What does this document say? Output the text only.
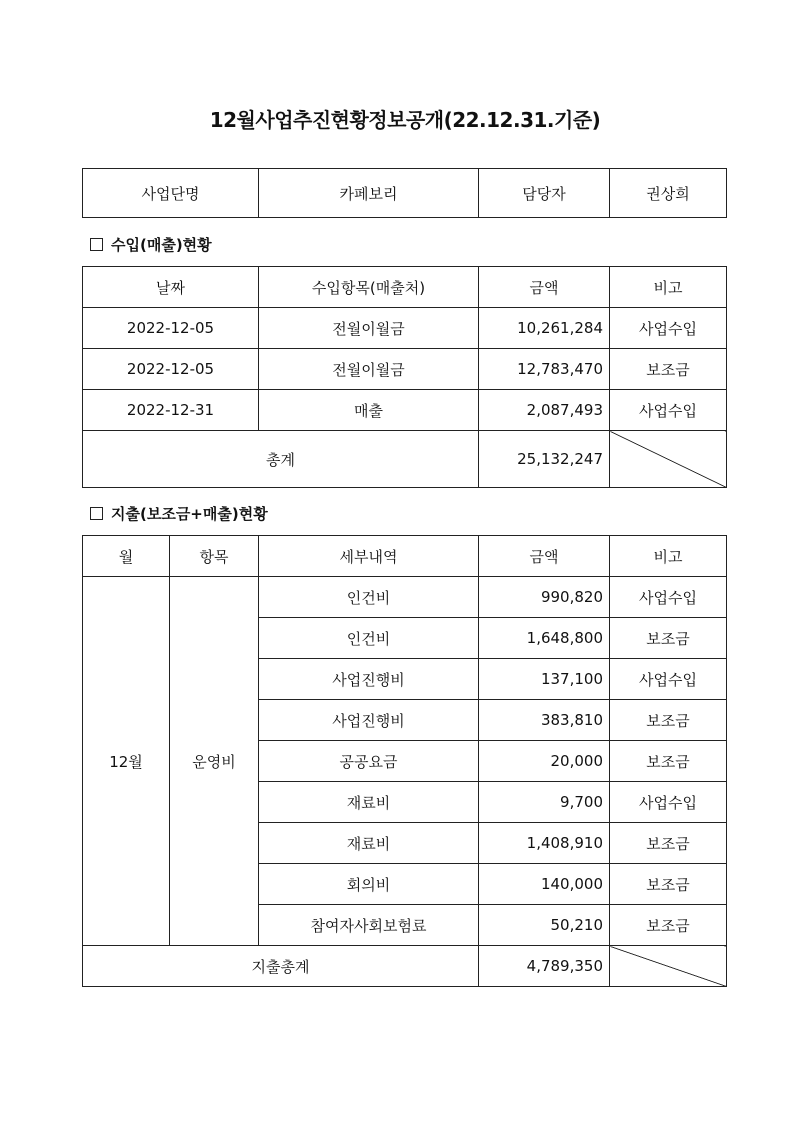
12월사업추진현황정보공개(22.12.31.기준)
사업단명	카페보리	담당자	권상희
수입(매출)현황
날짜	수입항목(매출처)	금액	비고
2022-12-05	전월이월금	10,261,284	사업수입
2022-12-05	전월이월금	12,783,470	보조금
2022-12-31	매출	2,087,493	사업수입
총계		25,132,247	
지출(보조금+매출)현황
월	항목	세부내역	금액	비고
12월	운영비	인건비	990,820	사업수입
		인건비	1,648,800	보조금
		사업진행비	137,100	사업수입
		사업진행비	383,810	보조금
		공공요금	20,000	보조금
		재료비	9,700	사업수입
		재료비	1,408,910	보조금
		회의비	140,000	보조금
		참여자사회보험료	50,210	보조금
지출총계			4,789,350	
